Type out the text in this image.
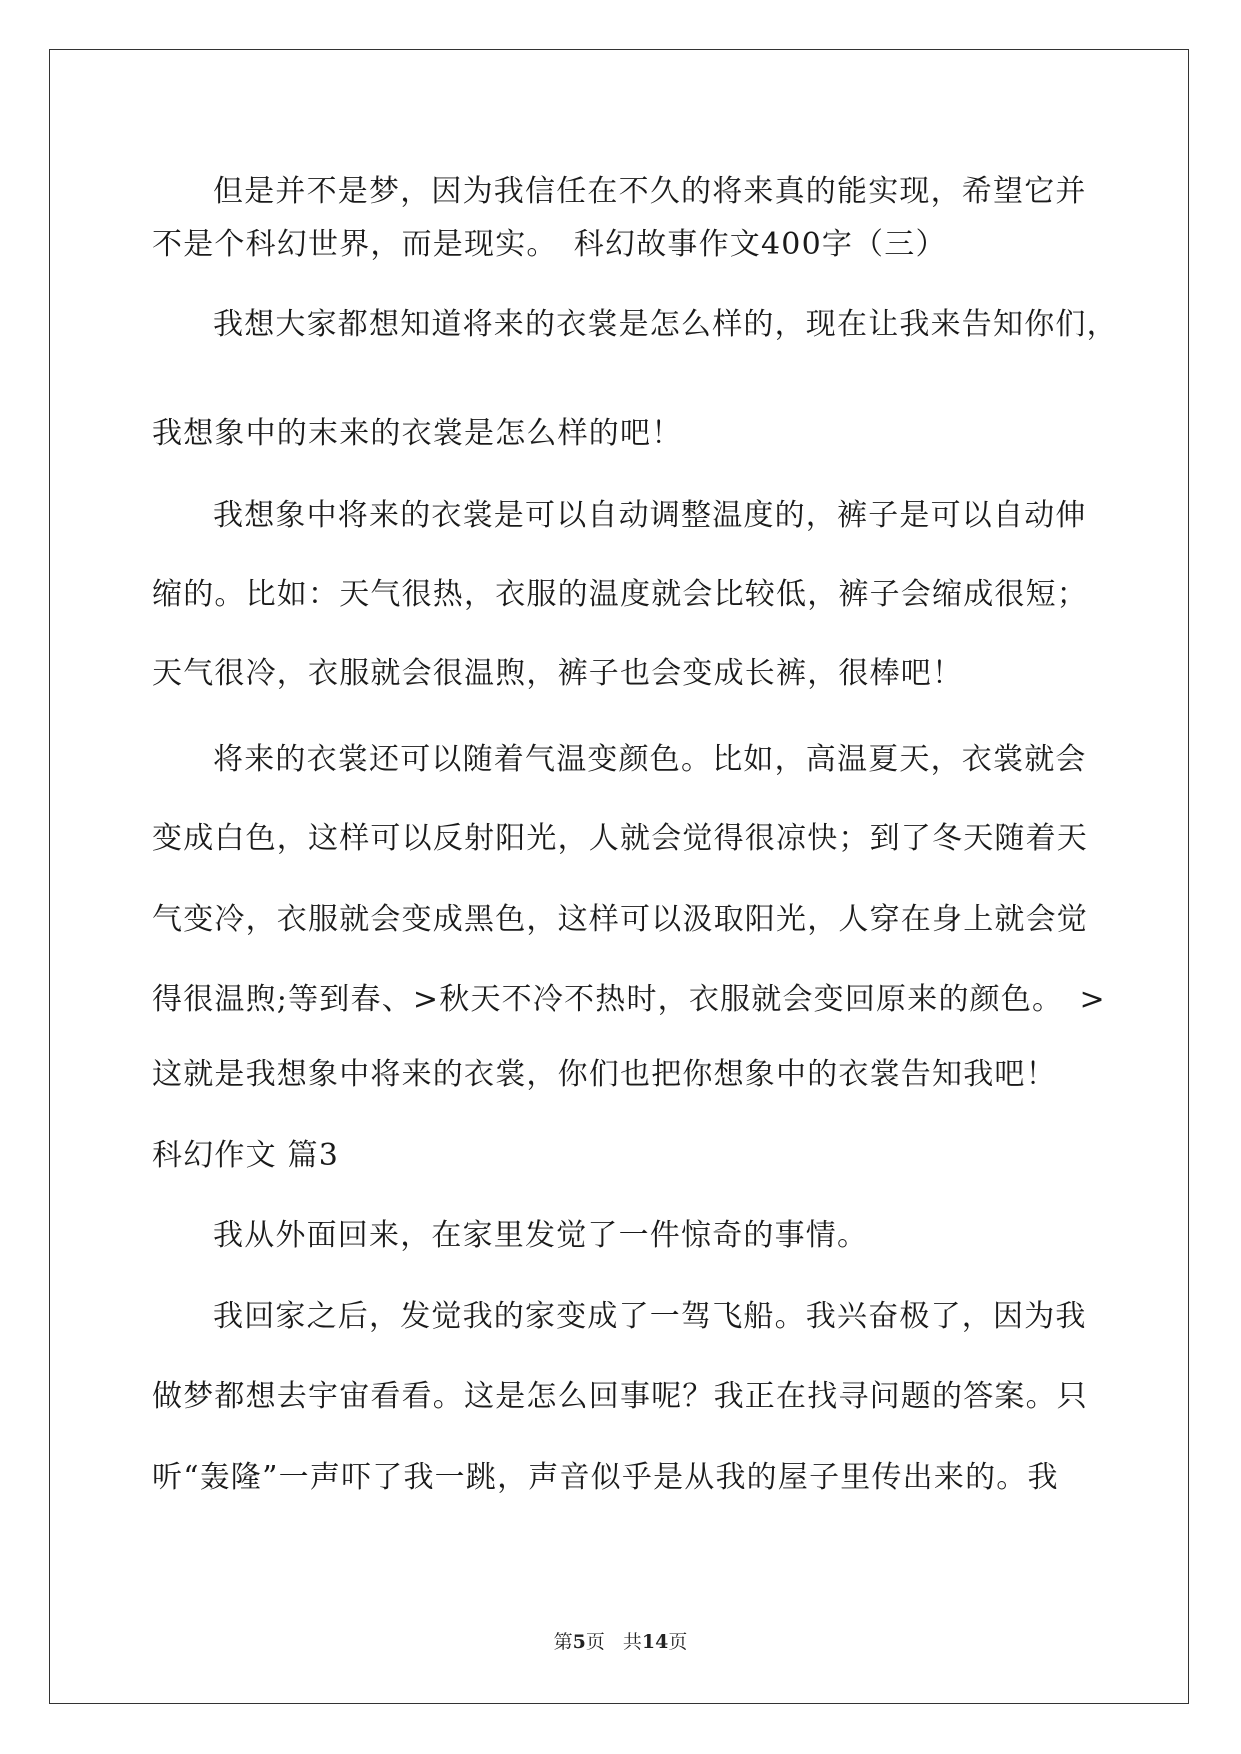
但是并不是梦，因为我信任在不久的将来真的能实现，希望它并
不是个科幻世界，而是现实。　科幻故事作文400字（三）
我想大家都想知道将来的衣裳是怎么样的，现在让我来告知你们，
我想象中的末来的衣裳是怎么样的吧！
我想象中将来的衣裳是可以自动调整温度的，裤子是可以自动伸
缩的。比如：天气很热，衣服的温度就会比较低，裤子会缩成很短；
天气很冷，衣服就会很温煦，裤子也会变成长裤，很棒吧！
将来的衣裳还可以随着气温变颜色。比如，高温夏天，衣裳就会
变成白色，这样可以反射阳光，人就会觉得很凉快；到了冬天随着天
气变冷，衣服就会变成黑色，这样可以汲取阳光，人穿在身上就会觉
得很温煦;等到春、>秋天不冷不热时，衣服就会变回原来的颜色。　>
这就是我想象中将来的衣裳，你们也把你想象中的衣裳告知我吧！
科幻作文 篇3
我从外面回来，在家里发觉了一件惊奇的事情。
我回家之后，发觉我的家变成了一驾飞船。我兴奋极了，因为我
做梦都想去宇宙看看。这是怎么回事呢？我正在找寻问题的答案。只
听“轰隆”一声吓了我一跳，声音似乎是从我的屋子里传出来的。我
第5页 共14页
